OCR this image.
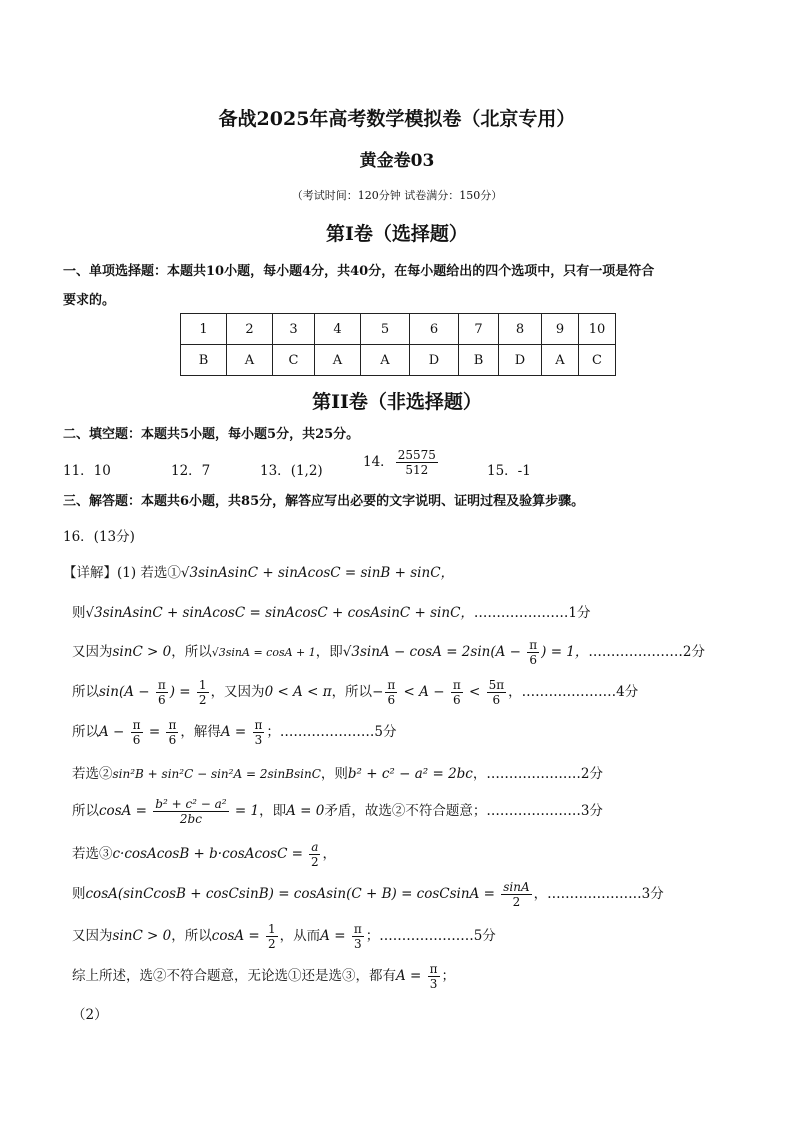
备战2025年高考数学模拟卷（北京专用）
黄金卷03
（考试时间：120分钟 试卷满分：150分）
第I卷（选择题）
一、单项选择题：本题共10小题，每小题4分，共40分，在每小题给出的四个选项中，只有一项是符合
要求的。
1	2	3	4	5	6	7	8	9	10
B	A	C	A	A	D	B	D	A	C
第II卷（非选择题）
二、填空题：本题共5小题，每小题5分，共25分。
11．10	12．7	13．(1,2)
14． $\frac{25575}{512}$	15．-1
三、解答题：本题共6小题，共85分，解答应写出必要的文字说明、证明过程及验算步骤。
16．(13分)
【详解】(1) 若选①√3sinAsinC + sinAcosC = sinB + sinC，
则√3sinAsinC + sinAcosC = sinAcosC + cosAsinC + sinC，…………………1分
又因为sinC > 0，所以√3sinA = cosA + 1，即$√3\sin A - \cos A = 2\sin(A - \frac{\pi}{6}$ ) = 1，…………………2分
所以$\sin(A - \frac{\pi}{6}$ ) = $\frac{1}{2}$ ，又因为0 < A < π，所以− $\frac{\pi}{6} < A - \frac{\pi}{6} < \frac{5\pi}{6}$ ，…………………4分
所以$A - \frac{\pi}{6} = \frac{\pi}{6}$ ，解得$A = \frac{\pi}{3}$ ；…………………5分
若选②sin²B + sin²C − sin²A = 2sinBsinC，则b² + c² − a² = 2bc，…………………2分
所以$\cos A = \frac{\text{b² + c² − a²}}{2bc} = 1$，即A = 0矛盾，故选②不符合题意；…………………3分
若选③c·cosAcosB + b·cosAcosC = $\frac{a}{2}$ ，
则cosA(sinCcosB + cosCsinB) = cosAsin(C + B) = cosCsinA = $\frac{\sin A}{2}$ ，…………………3分
又因为sinC > 0，所以$\cos A = \frac{1}{2}$ ，从而$A = \frac{\pi}{3}$ ；…………………5分
综上所述，选②不符合题意，无论选①还是选③，都有$A = \frac{\pi}{3}$ ；
（2）
